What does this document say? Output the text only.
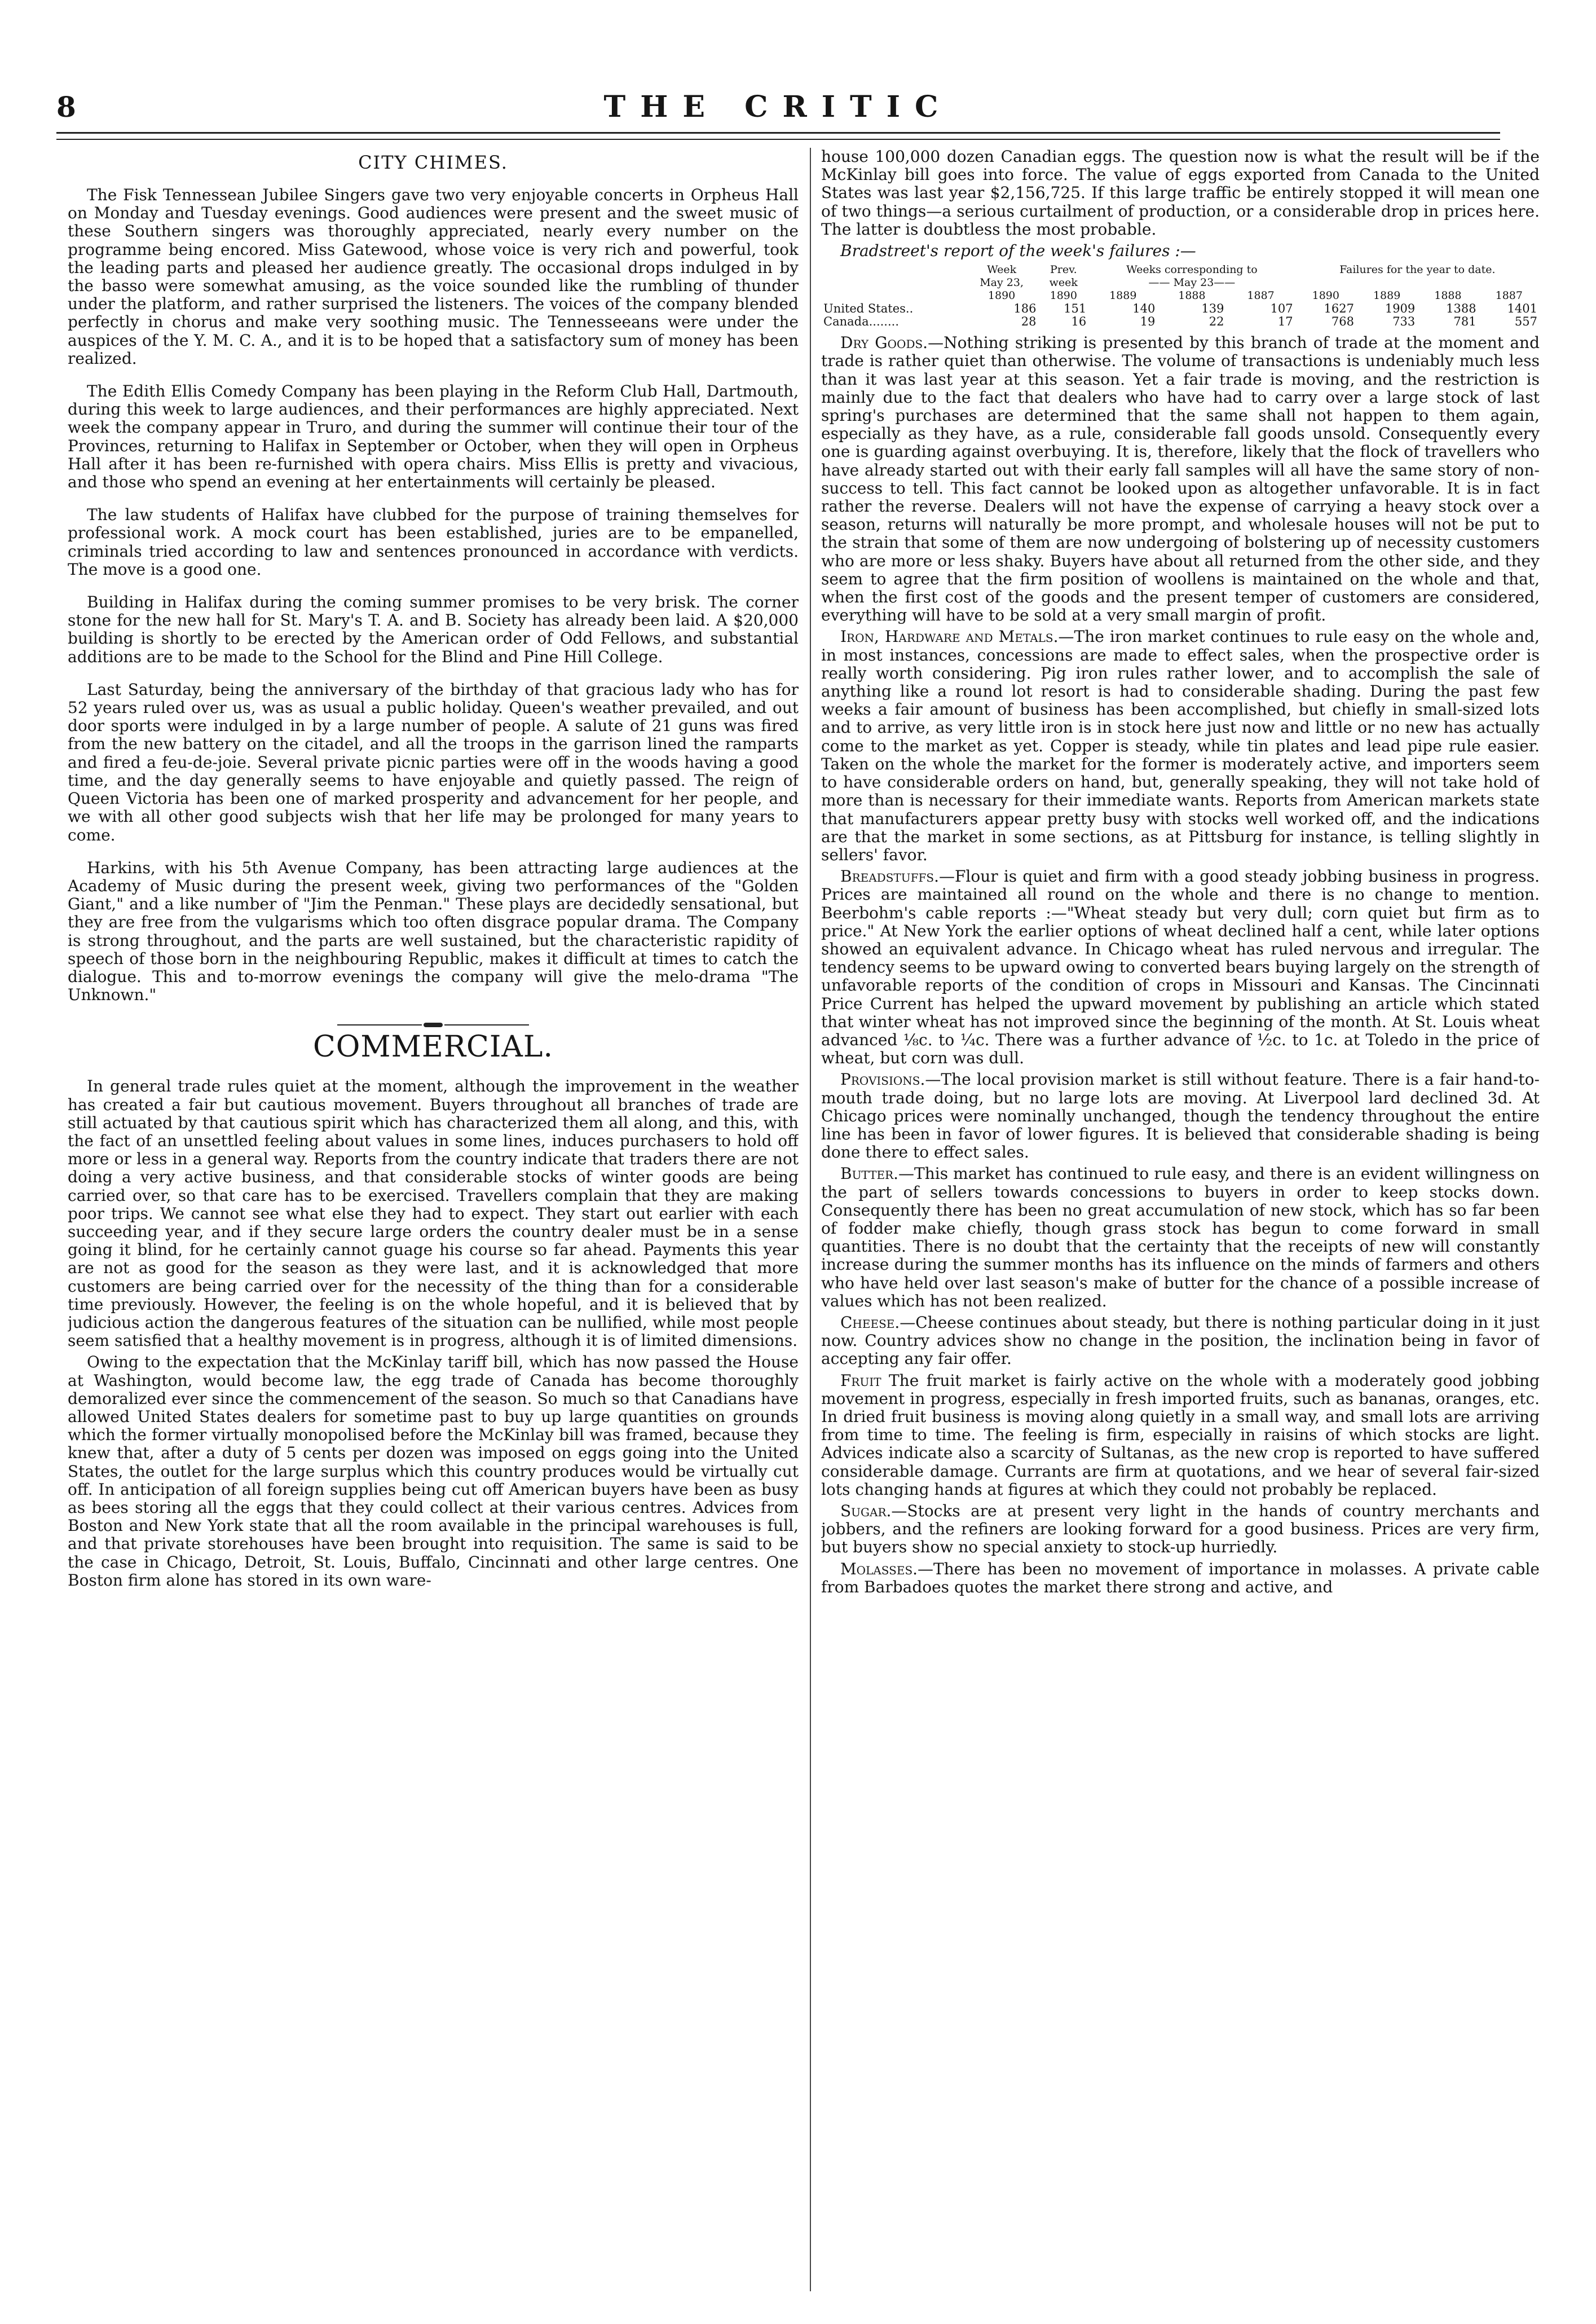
8	THE CRITIC
CITY CHIMES.

The Fisk Tennessean Jubilee Singers gave two very enjoyable concerts in Orpheus Hall on Monday and Tuesday evenings. Good audiences were present and the sweet music of these Southern singers was thoroughly appreciated, nearly every number on the programme being encored. Miss Gatewood, whose voice is very rich and powerful, took the leading parts and pleased her audience greatly. The occasional drops indulged in by the basso were somewhat amusing, as the voice sounded like the rumbling of thunder under the platform, and rather surprised the listeners. The voices of the company blended perfectly in chorus and make very soothing music. The Tennesseeans were under the auspices of the Y. M. C. A., and it is to be hoped that a satisfactory sum of money has been realized.

The Edith Ellis Comedy Company has been playing in the Reform Club Hall, Dartmouth, during this week to large audiences, and their performances are highly appreciated. Next week the company appear in Truro, and during the summer will continue their tour of the Provinces, returning to Halifax in September or October, when they will open in Orpheus Hall after it has been re-furnished with opera chairs. Miss Ellis is pretty and vivacious, and those who spend an evening at her entertainments will certainly be pleased.

The law students of Halifax have clubbed for the purpose of training themselves for professional work. A mock court has been established, juries are to be empanelled, criminals tried according to law and sentences pronounced in accordance with verdicts. The move is a good one.

Building in Halifax during the coming summer promises to be very brisk. The corner stone for the new hall for St. Mary's T. A. and B. Society has already been laid. A $20,000 building is shortly to be erected by the American order of Odd Fellows, and substantial additions are to be made to the School for the Blind and Pine Hill College.

Last Saturday, being the anniversary of the birthday of that gracious lady who has for 52 years ruled over us, was as usual a public holiday. Queen's weather prevailed, and out door sports were indulged in by a large number of people. A salute of 21 guns was fired from the new battery on the citadel, and all the troops in the garrison lined the ramparts and fired a feu-de-joie. Several private picnic parties were off in the woods having a good time, and the day generally seems to have enjoyable and quietly passed. The reign of Queen Victoria has been one of marked prosperity and advancement for her people, and we with all other good subjects wish that her life may be prolonged for many years to come.

Harkins, with his 5th Avenue Company, has been attracting large audiences at the Academy of Music during the present week, giving two performances of the "Golden Giant," and a like number of "Jim the Penman." These plays are decidedly sensational, but they are free from the vulgarisms which too often disgrace popular drama. The Company is strong throughout, and the parts are well sustained, but the characteristic rapidity of speech of those born in the neighbouring Republic, makes it difficult at times to catch the dialogue. This and to-morrow evenings the company will give the melo-drama "The Unknown."

COMMERCIAL.

In general trade rules quiet at the moment, although the improvement in the weather has created a fair but cautious movement. Buyers throughout all branches of trade are still actuated by that cautious spirit which has characterized them all along, and this, with the fact of an unsettled feeling about values in some lines, induces purchasers to hold off more or less in a general way. Reports from the country indicate that traders there are not doing a very active business, and that considerable stocks of winter goods are being carried over, so that care has to be exercised. Travellers complain that they are making poor trips. We cannot see what else they had to expect. They start out earlier with each succeeding year, and if they secure large orders the country dealer must be in a sense going it blind, for he certainly cannot guage his course so far ahead. Payments this year are not as good for the season as they were last, and it is acknowledged that more customers are being carried over for the necessity of the thing than for a considerable time previously. However, the feeling is on the whole hopeful, and it is believed that by judicious action the dangerous features of the situation can be nullified, while most people seem satisfied that a healthy movement is in progress, although it is of limited dimensions.

Owing to the expectation that the McKinlay tariff bill, which has now passed the House at Washington, would become law, the egg trade of Canada has become thoroughly demoralized ever since the commencement of the season. So much so that Canadians have allowed United States dealers for sometime past to buy up large quantities on grounds which the former virtually monopolised before the McKinlay bill was framed, because they knew that, after a duty of 5 cents per dozen was imposed on eggs going into the United States, the outlet for the large surplus which this country produces would be virtually cut off. In anticipation of all foreign supplies being cut off American buyers have been as busy as bees storing all the eggs that they could collect at their various centres. Advices from Boston and New York state that all the room available in the principal warehouses is full, and that private storehouses have been brought into requisition. The same is said to be the case in Chicago, Detroit, St. Louis, Buffalo, Cincinnati and other large centres. One Boston firm alone has stored in its own ware-

house 100,000 dozen Canadian eggs. The question now is what the result will be if the McKinlay bill goes into force. The value of eggs exported from Canada to the United States was last year $2,156,725. If this large traffic be entirely stopped it will mean one of two things—a serious curtailment of production, or a considerable drop in prices here. The latter is doubtless the most probable.

Bradstreet's report of the week's failures :—

	Week	Prev.	Weeks corresponding to			Failures for the year to date.			
	May 23,	week	—— May 23——						
	1890	1890	1889	1888	1887	1890	1889	1888	1887
United States..	186	151	140	139	107	1627	1909	1388	1401
Canada........	28	16	19	22	17	768	733	781	557

Dry Goods.—Nothing striking is presented by this branch of trade at the moment and trade is rather quiet than otherwise. The volume of transactions is undeniably much less than it was last year at this season. Yet a fair trade is moving, and the restriction is mainly due to the fact that dealers who have had to carry over a large stock of last spring's purchases are determined that the same shall not happen to them again, especially as they have, as a rule, considerable fall goods unsold. Consequently every one is guarding against overbuying. It is, therefore, likely that the flock of travellers who have already started out with their early fall samples will all have the same story of non-success to tell. This fact cannot be looked upon as altogether unfavorable. It is in fact rather the reverse. Dealers will not have the expense of carrying a heavy stock over a season, returns will naturally be more prompt, and wholesale houses will not be put to the strain that some of them are now undergoing of bolstering up of necessity customers who are more or less shaky. Buyers have about all returned from the other side, and they seem to agree that the firm position of woollens is maintained on the whole and that, when the first cost of the goods and the present temper of customers are considered, everything will have to be sold at a very small margin of profit.

Iron, Hardware and Metals.—The iron market continues to rule easy on the whole and, in most instances, concessions are made to effect sales, when the prospective order is really worth considering. Pig iron rules rather lower, and to accomplish the sale of anything like a round lot resort is had to considerable shading. During the past few weeks a fair amount of business has been accomplished, but chiefly in small-sized lots and to arrive, as very little iron is in stock here just now and little or no new has actually come to the market as yet. Copper is steady, while tin plates and lead pipe rule easier. Taken on the whole the market for the former is moderately active, and importers seem to have considerable orders on hand, but, generally speaking, they will not take hold of more than is necessary for their immediate wants. Reports from American markets state that manufacturers appear pretty busy with stocks well worked off, and the indications are that the market in some sections, as at Pittsburg for instance, is telling slightly in sellers' favor.

Breadstuffs.—Flour is quiet and firm with a good steady jobbing business in progress. Prices are maintained all round on the whole and there is no change to mention. Beerbohm's cable reports :—"Wheat steady but very dull; corn quiet but firm as to price." At New York the earlier options of wheat declined half a cent, while later options showed an equivalent advance. In Chicago wheat has ruled nervous and irregular. The tendency seems to be upward owing to converted bears buying largely on the strength of unfavorable reports of the condition of crops in Missouri and Kansas. The Cincinnati Price Current has helped the upward movement by publishing an article which stated that winter wheat has not improved since the beginning of the month. At St. Louis wheat advanced ⅛c. to ¼c. There was a further advance of ½c. to 1c. at Toledo in the price of wheat, but corn was dull.

Provisions.—The local provision market is still without feature. There is a fair hand-to-mouth trade doing, but no large lots are moving. At Liverpool lard declined 3d. At Chicago prices were nominally unchanged, though the tendency throughout the entire line has been in favor of lower figures. It is believed that considerable shading is being done there to effect sales.

Butter.—This market has continued to rule easy, and there is an evident willingness on the part of sellers towards concessions to buyers in order to keep stocks down. Consequently there has been no great accumulation of new stock, which has so far been of fodder make chiefly, though grass stock has begun to come forward in small quantities. There is no doubt that the certainty that the receipts of new will constantly increase during the summer months has its influence on the minds of farmers and others who have held over last season's make of butter for the chance of a possible increase of values which has not been realized.

Cheese.—Cheese continues about steady, but there is nothing particular doing in it just now. Country advices show no change in the position, the inclination being in favor of accepting any fair offer.

Fruit The fruit market is fairly active on the whole with a moderately good jobbing movement in progress, especially in fresh imported fruits, such as bananas, oranges, etc. In dried fruit business is moving along quietly in a small way, and small lots are arriving from time to time. The feeling is firm, especially in raisins of which stocks are light. Advices indicate also a scarcity of Sultanas, as the new crop is reported to have suffered considerable damage. Currants are firm at quotations, and we hear of several fair-sized lots changing hands at figures at which they could not probably be replaced.

Sugar.—Stocks are at present very light in the hands of country merchants and jobbers, and the refiners are looking forward for a good business. Prices are very firm, but buyers show no special anxiety to stock-up hurriedly.

Molasses.—There has been no movement of importance in molasses. A private cable from Barbadoes quotes the market there strong and active, and
